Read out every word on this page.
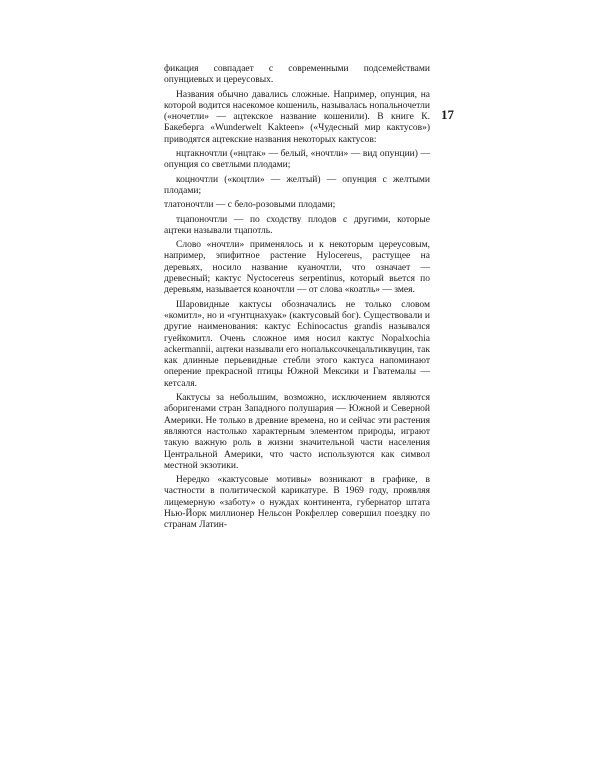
фикация совпадает с современными подсемействами опунциевых и цереусовых.

Названия обычно давались сложные. Например, опунция, на которой водится насекомое кошениль, называлась нопальночетли («ночетли» — ацтекское название кошенили). В книге К. Бакеберга «Wunderwelt Kakteen» («Чудесный мир кактусов») приводятся ацтекские названия некоторых кактусов:

нцтакночтли («нцтак» — белый, «ночтли» — вид опунции) — опунция со светлыми плодами;

коцночтли («коцтли» — желтый) — опунция с желтыми плодами;

тлатоночтли — с бело-розовыми плодами;

тцапоночтли — по сходству плодов с другими, которые ацтеки называли тцапотль.

Слово «ночтли» применялось и к некоторым цереусовым, например, эпифитное растение Hylocereus, растущее на деревьях, носило название куаночтли, что означает — древесный; кактус Nyctocereus serpentinus, который вьется по деревьям, называется коаночтли — от слова «коатль» — змея.

Шаровидные кактусы обозначались не только словом «комитл», но и «гунтцнахуак» (кактусовый бог). Существовали и другие наименования: кактус Echinocactus grandis назывался гуейкомитл. Очень сложное имя носил кактус Nopalxochia ackermannii, ацтеки называли его нопальксочкецальтиквуцин, так как длинные перьевидные стебли этого кактуса напоминают оперение прекрасной птицы Южной Мексики и Гватемалы — кетсаля.

Кактусы за небольшим, возможно, исключением являются аборигенами стран Западного полушария — Южной и Северной Америки. Не только в древние времена, но и сейчас эти растения являются настолько характерным элементом природы, играют такую важную роль в жизни значительной части населения Центральной Америки, что часто используются как символ местной экзотики.

Нередко «кактусовые мотивы» возникают в графике, в частности в политической карикатуре. В 1969 году, проявляя лицемерную «заботу» о нуждах континента, губернатор штата Нью-Йорк миллионер Нельсон Рокфеллер совершил поездку по странам Латин-

17
